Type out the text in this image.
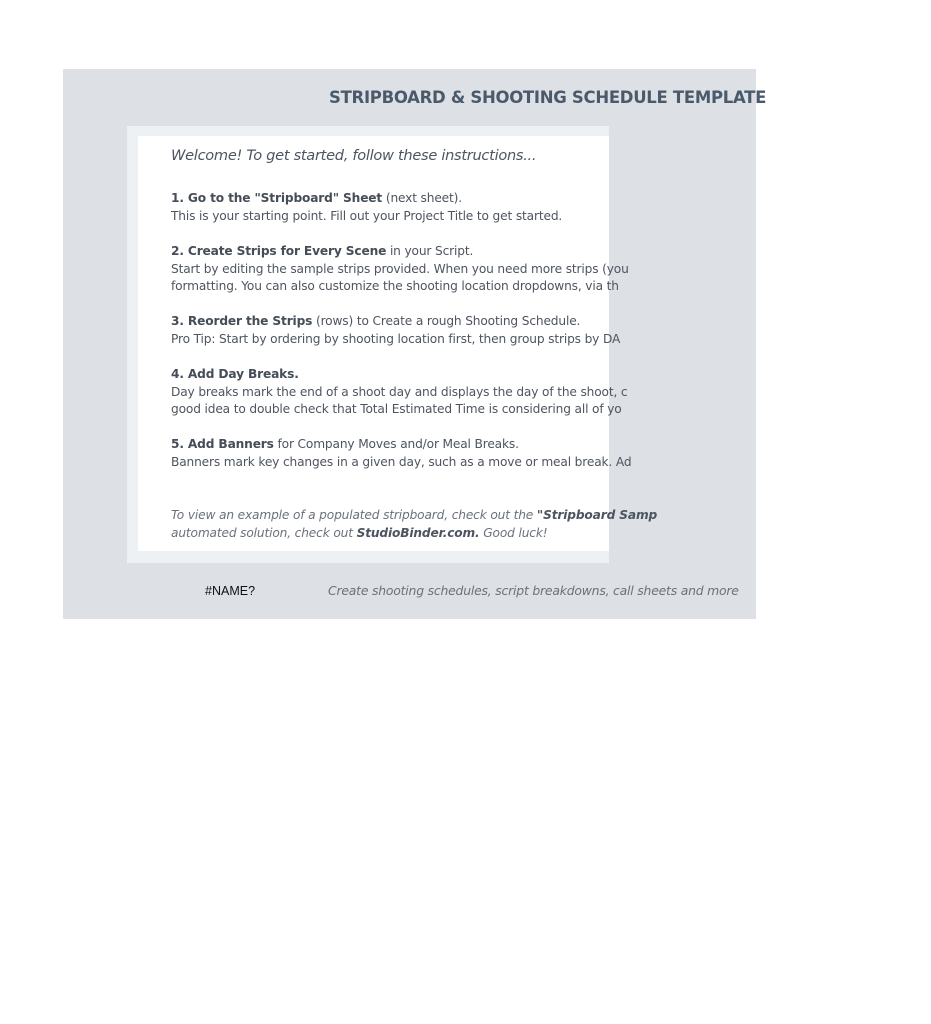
STRIPBOARD & SHOOTING SCHEDULE TEMPLATE
Welcome! To get started, follow these instructions...
1. Go to the "Stripboard" Sheet (next sheet).
This is your starting point. Fill out your Project Title to get started.
2. Create Strips for Every Scene in your Script.
Start by editing the sample strips provided. When you need more strips (you
formatting. You can also customize the shooting location dropdowns, via th
3. Reorder the Strips (rows) to Create a rough Shooting Schedule.
Pro Tip: Start by ordering by shooting location first, then group strips by DA
4. Add Day Breaks.
Day breaks mark the end of a shoot day and displays the day of the shoot, c
good idea to double check that Total Estimated Time is considering all of yo
5. Add Banners for Company Moves and/or Meal Breaks.
Banners mark key changes in a given day, such as a move or meal break. Ad
To view an example of a populated stripboard, check out the "Stripboard Samp
automated solution, check out StudioBinder.com. Good luck!
#NAME?	Create shooting schedules, script breakdowns, call sheets and more
